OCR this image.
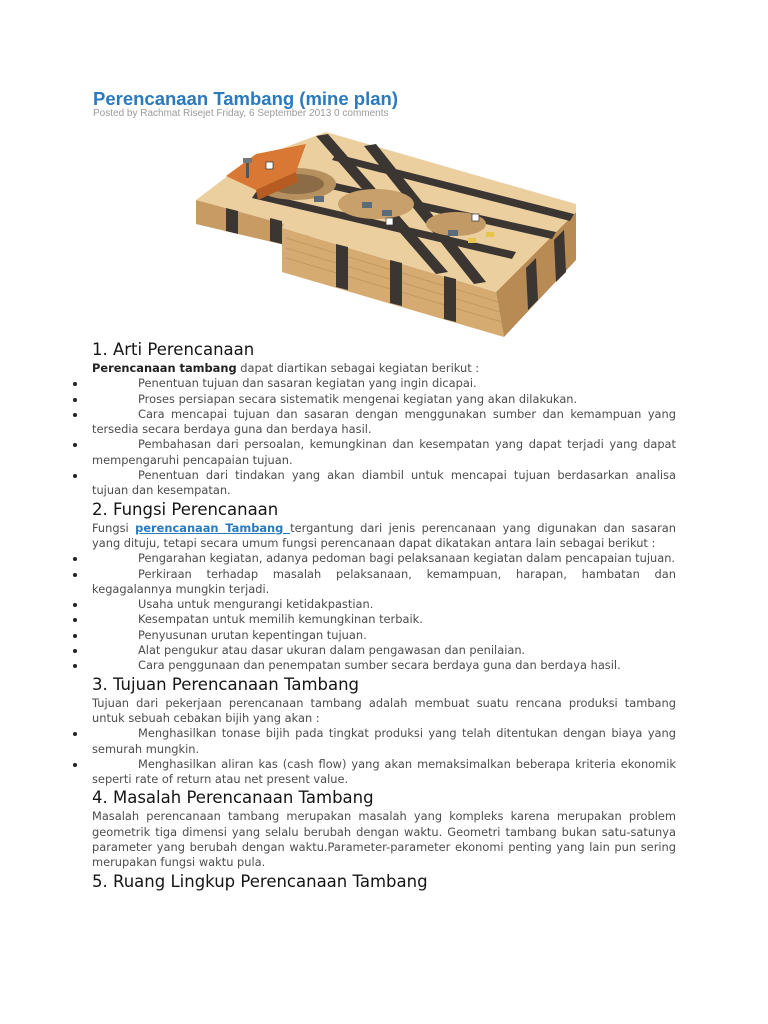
Perencanaan Tambang (mine plan)
Posted by Rachmat Risejet Friday, 6 September 2013 0 comments
1. Arti Perencanaan

Perencanaan tambang dapat diartikan sebagai kegiatan berikut :

Penentuan tujuan dan sasaran kegiatan yang ingin dicapai.
Proses persiapan secara sistematik mengenai kegiatan yang akan dilakukan.
Cara mencapai tujuan dan sasaran dengan menggunakan sumber dan kemampuan yang tersedia secara berdaya guna dan berdaya hasil.
Pembahasan dari persoalan, kemungkinan dan kesempatan yang dapat terjadi yang dapat mempengaruhi pencapaian tujuan.
Penentuan dari tindakan yang akan diambil untuk mencapai tujuan berdasarkan analisa tujuan dan kesempatan.
2. Fungsi Perencanaan

Fungsi perencanaan Tambang tergantung dari jenis perencanaan yang digunakan dan sasaran yang dituju, tetapi secara umum fungsi perencanaan dapat dikatakan antara lain sebagai berikut :

Pengarahan kegiatan, adanya pedoman bagi pelaksanaan kegiatan dalam pencapaian tujuan.
Perkiraan terhadap masalah pelaksanaan, kemampuan, harapan, hambatan dan kegagalannya mungkin terjadi.
Usaha untuk mengurangi ketidakpastian.
Kesempatan untuk memilih kemungkinan terbaik.
Penyusunan urutan kepentingan tujuan.
Alat pengukur atau dasar ukuran dalam pengawasan dan penilaian.
Cara penggunaan dan penempatan sumber secara berdaya guna dan berdaya hasil.
3. Tujuan Perencanaan Tambang

Tujuan dari pekerjaan perencanaan tambang adalah membuat suatu rencana produksi tambang untuk sebuah cebakan bijih yang akan :

Menghasilkan tonase bijih pada tingkat produksi yang telah ditentukan dengan biaya yang semurah mungkin.
Menghasilkan aliran kas (cash flow) yang akan memaksimalkan beberapa kriteria ekonomik seperti rate of return atau net present value.
4. Masalah Perencanaan Tambang

Masalah perencanaan tambang merupakan masalah yang kompleks karena merupakan problem geometrik tiga dimensi yang selalu berubah dengan waktu. Geometri tambang bukan satu-satunya parameter yang berubah dengan waktu.Parameter-parameter ekonomi penting yang lain pun sering merupakan fungsi waktu pula.

5. Ruang Lingkup Perencanaan Tambang
